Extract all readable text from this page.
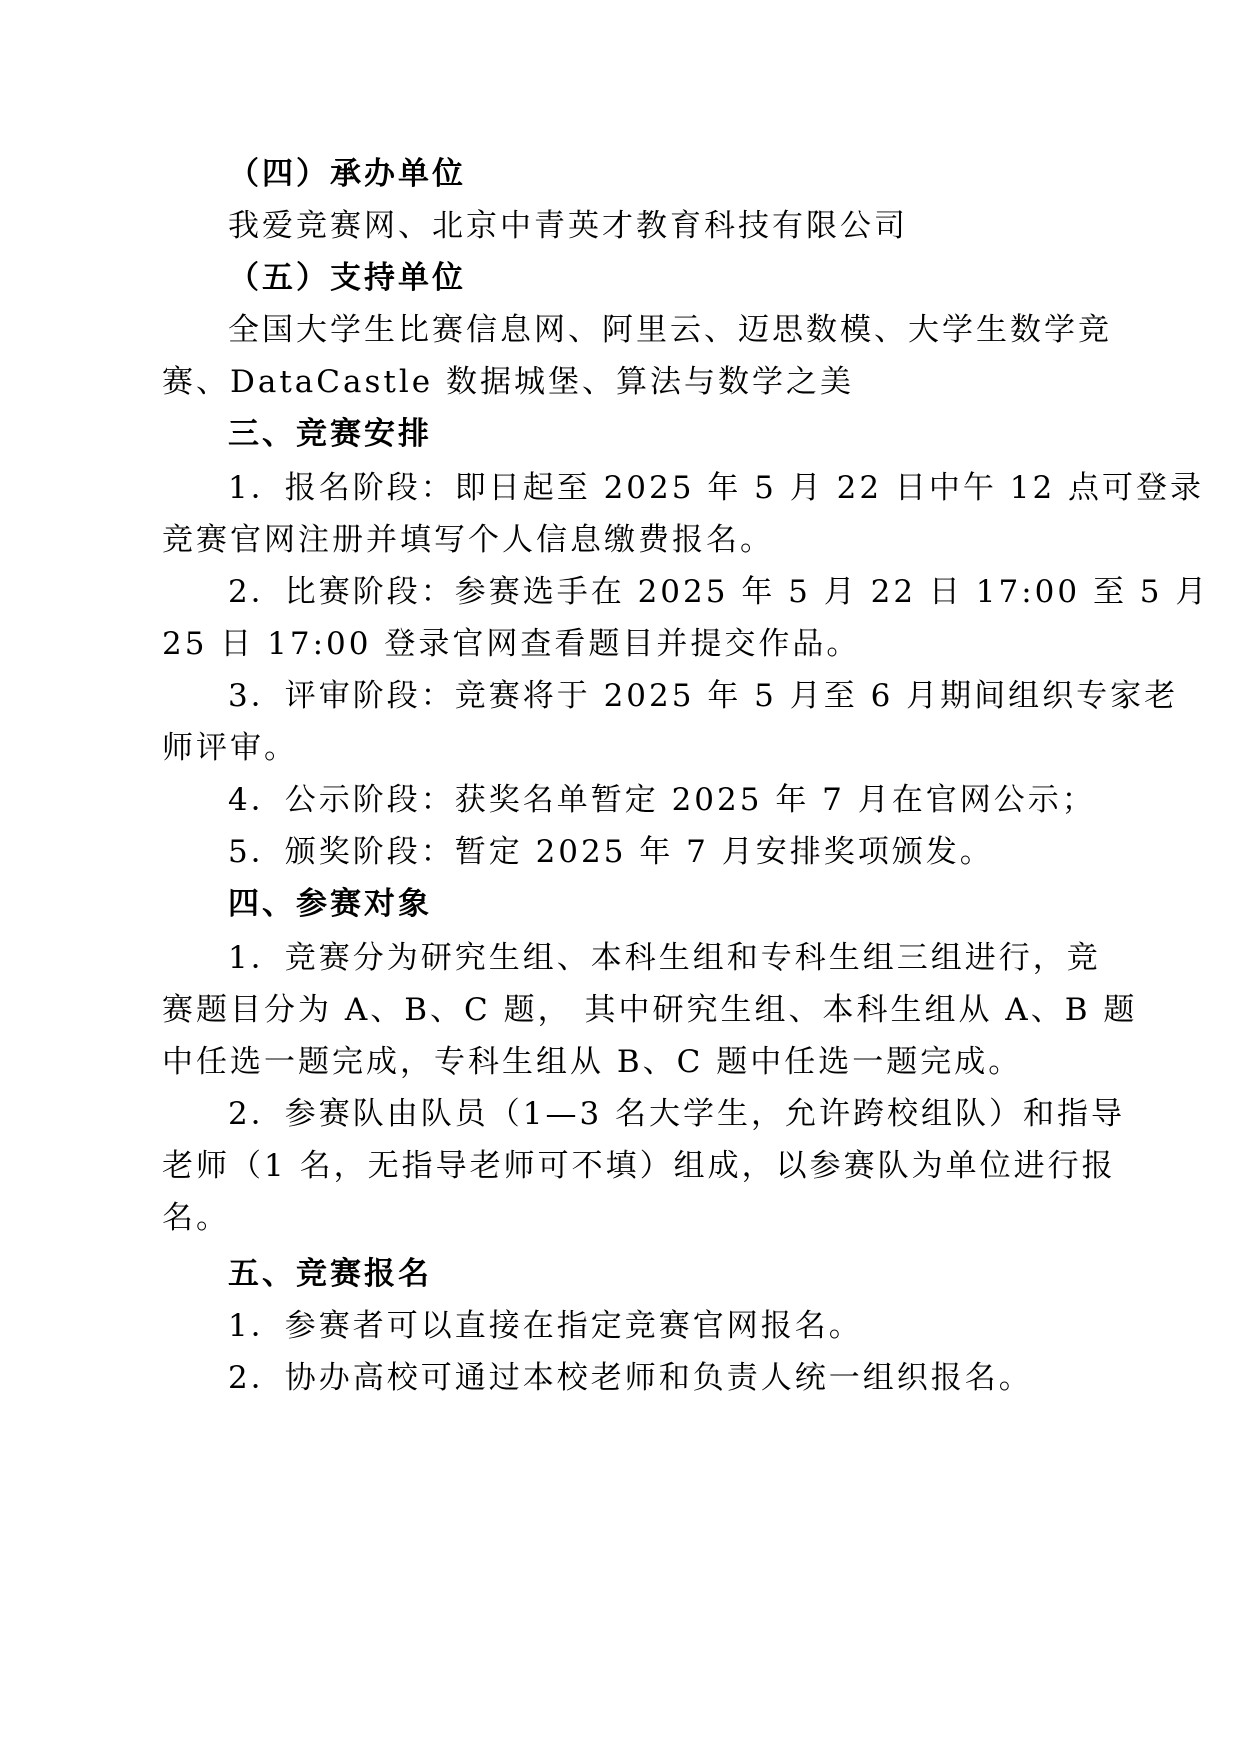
（四）承办单位
我爱竞赛网、北京中青英才教育科技有限公司
（五）支持单位
全国大学生比赛信息网、阿里云、迈思数模、大学生数学竞
赛、DataCastle 数据城堡、算法与数学之美
三、竞赛安排
1．报名阶段：即日起至 2025 年 5 月 22 日中午 12 点可登录
竞赛官网注册并填写个人信息缴费报名。
2．比赛阶段：参赛选手在 2025 年 5 月 22 日 17:00 至 5 月
25 日 17:00 登录官网查看题目并提交作品。
3．评审阶段：竞赛将于 2025 年 5 月至 6 月期间组织专家老
师评审。
4．公示阶段：获奖名单暂定 2025 年 7 月在官网公示；
5．颁奖阶段：暂定 2025 年 7 月安排奖项颁发。
四、参赛对象
1．竞赛分为研究生组、本科生组和专科生组三组进行，竞
赛题目分为 A、B、C 题， 其中研究生组、本科生组从 A、B 题
中任选一题完成，专科生组从 B、C 题中任选一题完成。
2．参赛队由队员（1—3 名大学生，允许跨校组队）和指导
老师（1 名，无指导老师可不填）组成，以参赛队为单位进行报
名。
五、竞赛报名
1．参赛者可以直接在指定竞赛官网报名。
2．协办高校可通过本校老师和负责人统一组织报名。
